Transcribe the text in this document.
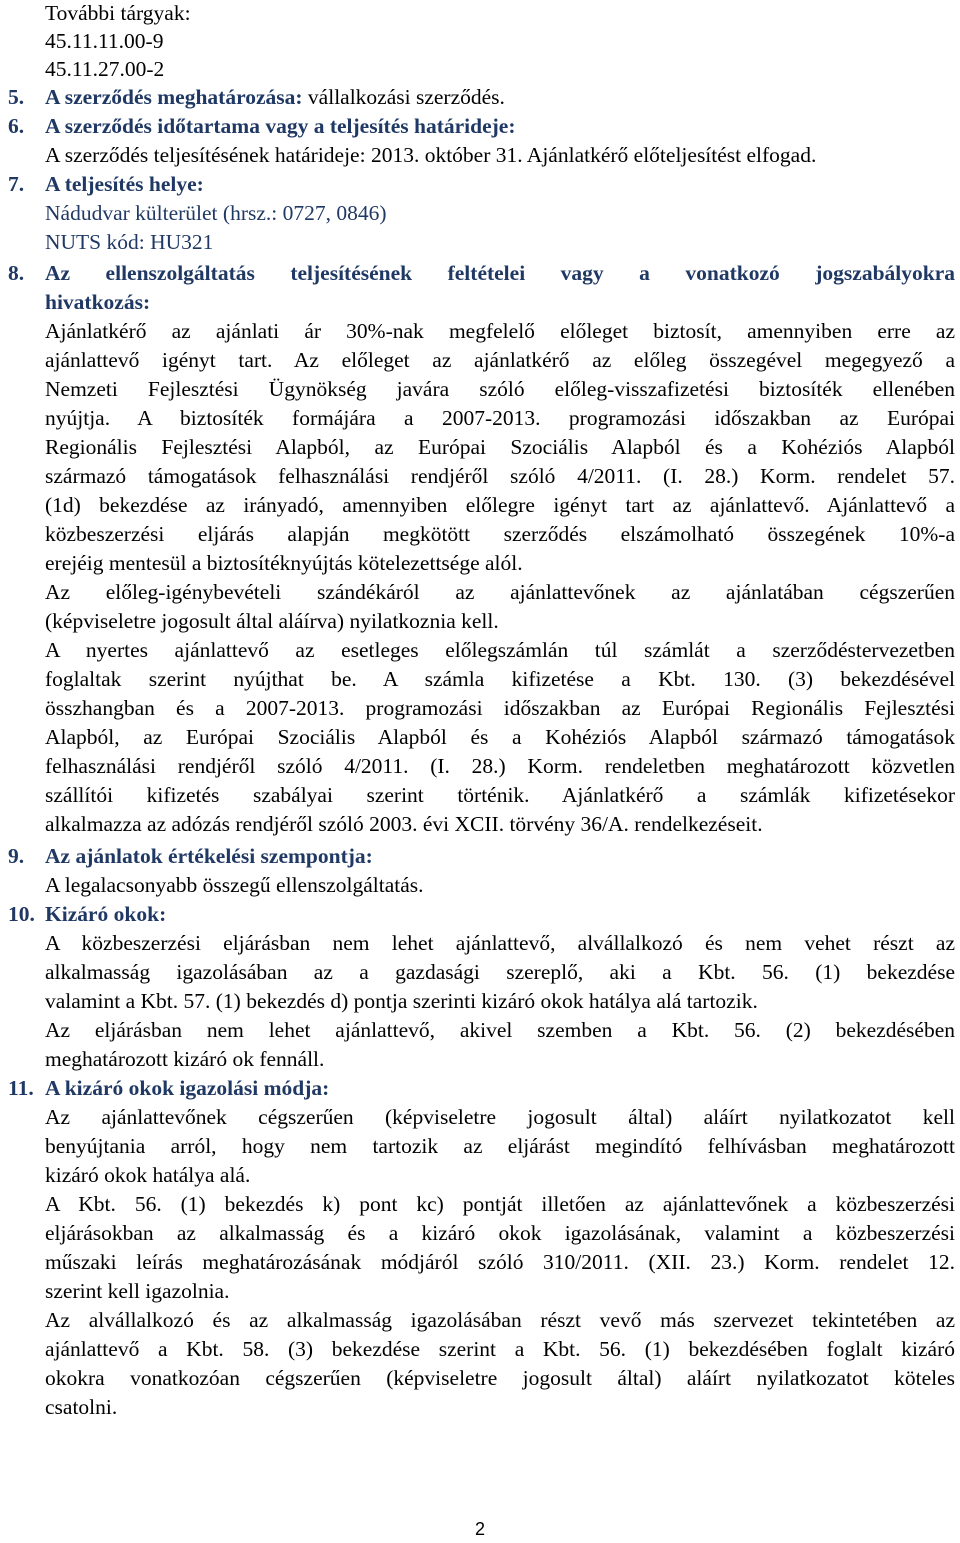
További tárgyak:
45.11.11.00-9
45.11.27.00-2
5. A szerződés meghatározása: vállalkozási szerződés.
6. A szerződés időtartama vagy a teljesítés határideje:
A szerződés teljesítésének határideje: 2013. október 31. Ajánlatkérő előteljesítést elfogad.
7. A teljesítés helye:
Nádudvar külterület (hrsz.: 0727, 0846)
NUTS kód: HU321
8. Az ellenszolgáltatás teljesítésének feltételei vagy a vonatkozó jogszabályokra
hivatkozás:
Ajánlatkérő az ajánlati ár 30%-nak megfelelő előleget biztosít, amennyiben erre az
ajánlattevő igényt tart. Az előleget az ajánlatkérő az előleg összegével megegyező a
Nemzeti Fejlesztési Ügynökség javára szóló előleg-visszafizetési biztosíték ellenében
nyújtja. A biztosíték formájára a 2007-2013. programozási időszakban az Európai
Regionális Fejlesztési Alapból, az Európai Szociális Alapból és a Kohéziós Alapból
származó támogatások felhasználási rendjéről szóló 4/2011. (I. 28.) Korm. rendelet 57.
(1d) bekezdése az irányadó, amennyiben előlegre igényt tart az ajánlattevő. Ajánlattevő a
közbeszerzési eljárás alapján megkötött szerződés elszámolható összegének 10%-a
erejéig mentesül a biztosítéknyújtás kötelezettsége alól.
Az előleg-igénybevételi szándékáról az ajánlattevőnek az ajánlatában cégszerűen
(képviseletre jogosult által aláírva) nyilatkoznia kell.
A nyertes ajánlattevő az esetleges előlegszámlán túl számlát a szerződéstervezetben
foglaltak szerint nyújthat be. A számla kifizetése a Kbt. 130. (3) bekezdésével
összhangban és a 2007-2013. programozási időszakban az Európai Regionális Fejlesztési
Alapból, az Európai Szociális Alapból és a Kohéziós Alapból származó támogatások
felhasználási rendjéről szóló 4/2011. (I. 28.) Korm. rendeletben meghatározott közvetlen
szállítói kifizetés szabályai szerint történik. Ajánlatkérő a számlák kifizetésekor
alkalmazza az adózás rendjéről szóló 2003. évi XCII. törvény 36/A. rendelkezéseit.
9. Az ajánlatok értékelési szempontja:
A legalacsonyabb összegű ellenszolgáltatás.
10. Kizáró okok:
A közbeszerzési eljárásban nem lehet ajánlattevő, alvállalkozó és nem vehet részt az
alkalmasság igazolásában az a gazdasági szereplő, aki a Kbt. 56. (1) bekezdése
valamint a Kbt. 57. (1) bekezdés d) pontja szerinti kizáró okok hatálya alá tartozik.
Az eljárásban nem lehet ajánlattevő, akivel szemben a Kbt. 56. (2) bekezdésében
meghatározott kizáró ok fennáll.
11. A kizáró okok igazolási módja:
Az ajánlattevőnek cégszerűen (képviseletre jogosult által) aláírt nyilatkozatot kell
benyújtania arról, hogy nem tartozik az eljárást megindító felhívásban meghatározott
kizáró okok hatálya alá.
A Kbt. 56. (1) bekezdés k) pont kc) pontját illetően az ajánlattevőnek a közbeszerzési
eljárásokban az alkalmasság és a kizáró okok igazolásának, valamint a közbeszerzési
műszaki leírás meghatározásának módjáról szóló 310/2011. (XII. 23.) Korm. rendelet 12.
szerint kell igazolnia.
Az alvállalkozó és az alkalmasság igazolásában részt vevő más szervezet tekintetében az
ajánlattevő a Kbt. 58. (3) bekezdése szerint a Kbt. 56. (1) bekezdésében foglalt kizáró
okokra vonatkozóan cégszerűen (képviseletre jogosult által) aláírt nyilatkozatot köteles
csatolni.
2
